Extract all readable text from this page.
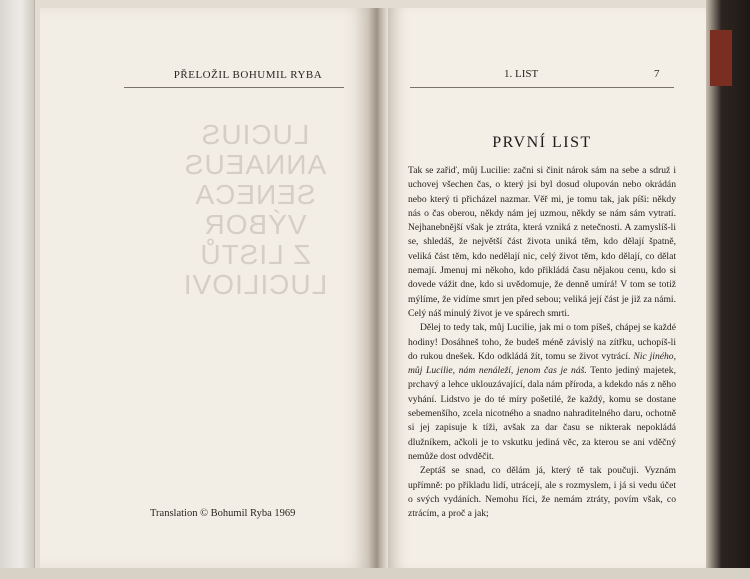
PŘELOŽIL BOHUMIL RYBA
LUCIUS
ANNAEUS
SENECA
VÝBOR
Z LISTŮ
LUCILIOVI
Translation © Bohumil Ryba 1969
1. LIST	7
PRVNÍ LIST

Tak se zařiď, můj Lucilie: začni si činit nárok sám na sebe a sdruž i uchovej všechen čas, o který jsi byl dosud olupován nebo okrádán nebo který ti přicházel nazmar. Věř mi, je tomu tak, jak píši: někdy nás o čas oberou, někdy nám jej uzmou, někdy se nám sám vytratí. Nejhanebnější však je ztráta, která vzniká z netečnosti. A zamyslíš-li se, shledáš, že největší část života uniká těm, kdo dělají špatně, veliká část těm, kdo nedělají nic, celý život těm, kdo dělají, co dělat nemají. Jmenuj mi někoho, kdo přikládá času nějakou cenu, kdo si dovede vážit dne, kdo si uvědomuje, že denně umírá! V tom se totiž mýlíme, že vidíme smrt jen před sebou; veliká její část je již za námi. Celý náš minulý život je ve spárech smrti.

Dělej to tedy tak, můj Lucilie, jak mi o tom píšeš, chápej se každé hodiny! Dosáhneš toho, že budeš méně závislý na zítřku, uchopíš-li do rukou dnešek. Kdo odkládá žít, tomu se život vytrácí. Nic jiného, můj Lucilie, nám nenáleží, jenom čas je náš. Tento jediný majetek, prchavý a lehce uklouzávající, dala nám příroda, a kdekdo nás z něho vyhání. Lidstvo je do té míry pošetilé, že každý, komu se dostane sebemenšího, zcela nicotného a snadno nahraditelného daru, ochotně si jej zapisuje k tíži, avšak za dar času se nikterak nepokládá dlužníkem, ačkoli je to vskutku jediná věc, za kterou se ani vděčný nemůže dost odvděčit.

Zeptáš se snad, co dělám já, který tě tak poučuji. Vyznám upřímně: po příkladu lidí, utrácejí, ale s rozmyslem, i já si vedu účet o svých vydáních. Nemohu říci, že nemám ztráty, povím však, co ztrácím, a proč a jak;
